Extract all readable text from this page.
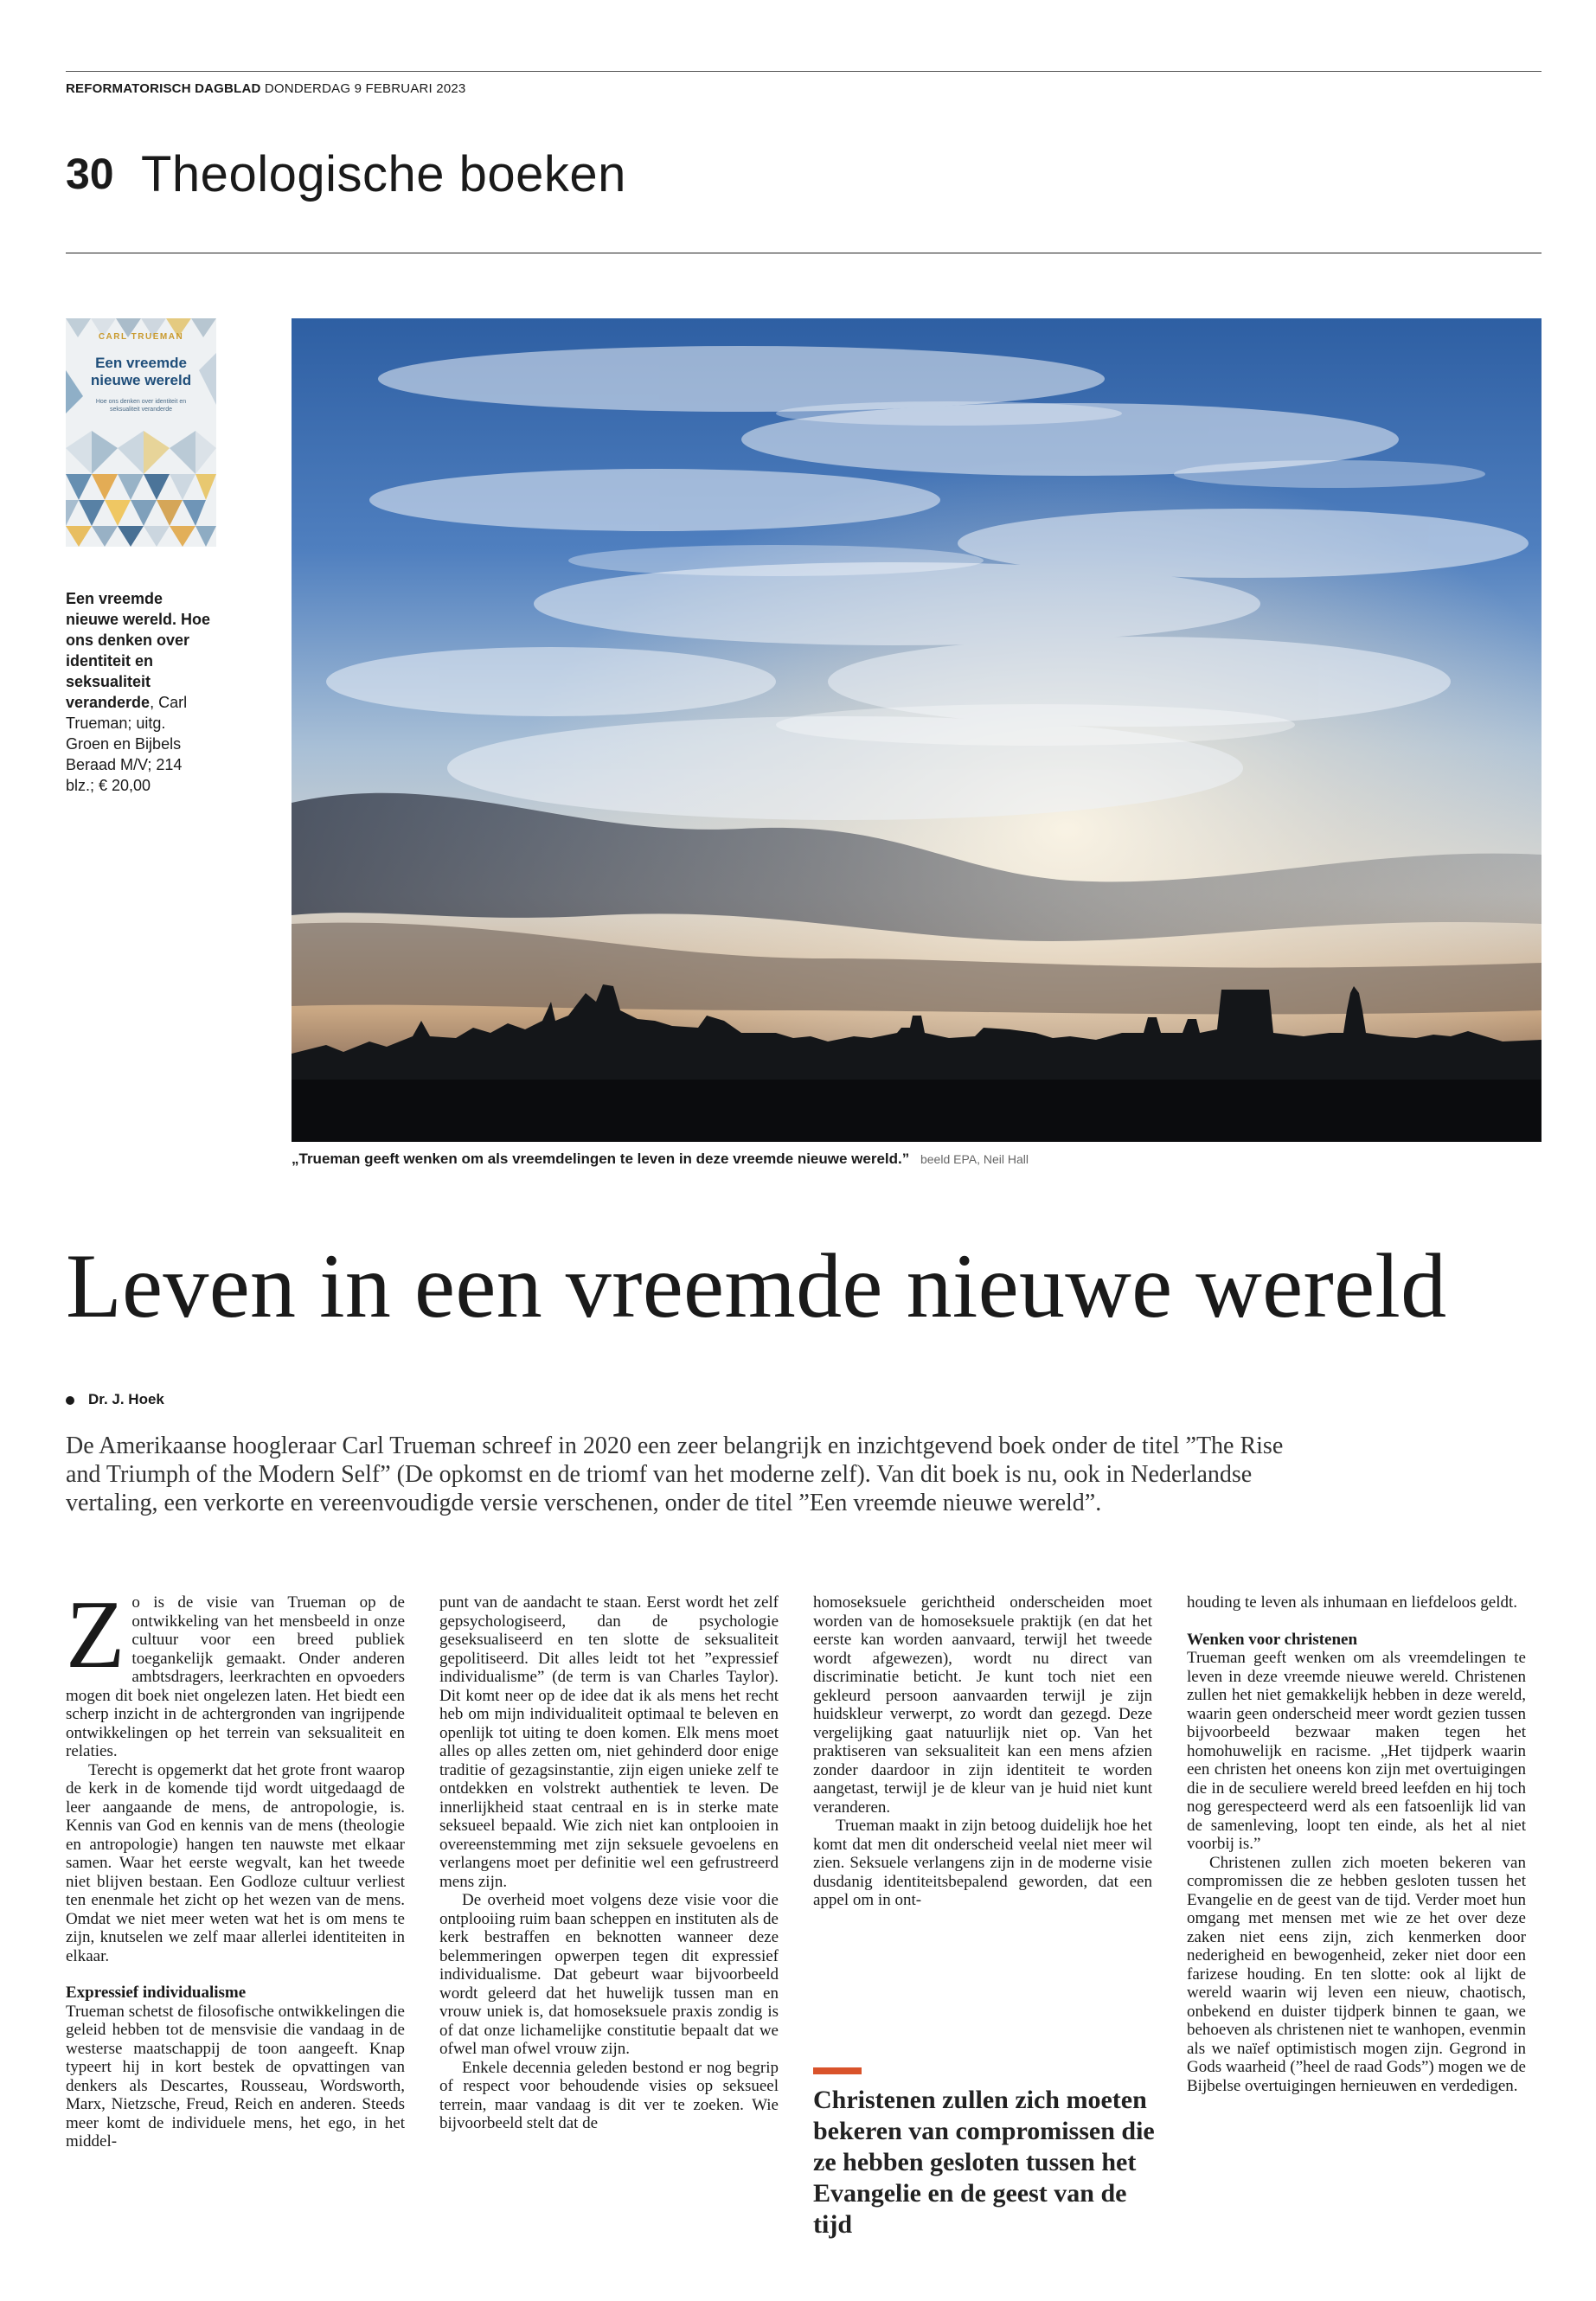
REFORMATORISCH DAGBLAD DONDERDAG 9 FEBRUARI 2023
30 Theologische boeken
CARL TRUEMAN
Een vreemde
nieuwe wereld
Hoe ons denken over identiteit en seksualiteit veranderde
Een vreemde nieuwe wereld. Hoe ons denken over identiteit en seksualiteit veranderde, Carl Trueman; uitg. Groen en Bijbels Beraad M/V; 214 blz.; € 20,00
„Trueman geeft wenken om als vreemdelingen te leven in deze vreemde nieuwe wereld.” beeld EPA, Neil Hall
Leven in een vreemde nieuwe wereld
Dr. J. Hoek
De Amerikaanse hoogleraar Carl Trueman schreef in 2020 een zeer belangrijk en inzichtgevend boek onder de titel ”The Rise and Triumph of the Modern Self” (De opkomst en de triomf van het moderne zelf). Van dit boek is nu, ook in Nederlandse vertaling, een verkorte en vereenvoudigde versie verschenen, onder de titel ”Een vreemde nieuwe wereld”.

Zo is de visie van Trueman op de ontwikkeling van het mensbeeld in onze cultuur voor een breed publiek toegankelijk gemaakt. Onder anderen ambtsdragers, leerkrachten en opvoeders mogen dit boek niet ongelezen laten. Het biedt een scherp inzicht in de achtergronden van ingrijpende ontwikkelingen op het terrein van seksualiteit en relaties.

Terecht is opgemerkt dat het grote front waarop de kerk in de komende tijd wordt uitgedaagd de leer aangaande de mens, de antropologie, is. Kennis van God en kennis van de mens (theologie en antropologie) hangen ten nauwste met elkaar samen. Waar het eerste wegvalt, kan het tweede niet blijven bestaan. Een Godloze cultuur verliest ten enenmale het zicht op het wezen van de mens. Omdat we niet meer weten wat het is om mens te zijn, knutselen we zelf maar allerlei identiteiten in elkaar.

Expressief individualisme

Trueman schetst de filosofische ontwikkelingen die geleid hebben tot de mensvisie die vandaag in de westerse maatschappij de toon aangeeft. Knap typeert hij in kort bestek de opvattingen van denkers als Descartes, Rousseau, Wordsworth, Marx, Nietzsche, Freud, Reich en anderen. Steeds meer komt de individuele mens, het ego, in het middel-

punt van de aandacht te staan. Eerst wordt het zelf gepsychologiseerd, dan de psychologie geseksualiseerd en ten slotte de seksualiteit gepolitiseerd. Dit alles leidt tot het ”expressief individualisme” (de term is van Charles Taylor). Dit komt neer op de idee dat ik als mens het recht heb om mijn individualiteit optimaal te beleven en openlijk tot uiting te doen komen. Elk mens moet alles op alles zetten om, niet gehinderd door enige traditie of gezagsinstantie, zijn eigen unieke zelf te ontdekken en volstrekt authentiek te leven. De innerlijkheid staat centraal en is in sterke mate seksueel bepaald. Wie zich niet kan ontplooien in overeenstemming met zijn seksuele gevoelens en verlangens moet per definitie wel een gefrustreerd mens zijn.

De overheid moet volgens deze visie voor die ontplooiing ruim baan scheppen en instituten als de kerk bestraffen en beknotten wanneer deze belemmeringen opwerpen tegen dit expressief individualisme. Dat gebeurt waar bijvoorbeeld wordt geleerd dat het huwelijk tussen man en vrouw uniek is, dat homoseksuele praxis zondig is of dat onze lichamelijke constitutie bepaalt dat we ofwel man ofwel vrouw zijn.

Enkele decennia geleden bestond er nog begrip of respect voor behoudende visies op seksueel terrein, maar vandaag is dit ver te zoeken. Wie bijvoorbeeld stelt dat de

homoseksuele gerichtheid onderscheiden moet worden van de homoseksuele praktijk (en dat het eerste kan worden aanvaard, terwijl het tweede wordt afgewezen), wordt nu direct van discriminatie beticht. Je kunt toch niet een gekleurd persoon aanvaarden terwijl je zijn huidskleur verwerpt, zo wordt dan gezegd. Deze vergelijking gaat natuurlijk niet op. Van het praktiseren van seksualiteit kan een mens afzien zonder daardoor in zijn identiteit te worden aangetast, terwijl je de kleur van je huid niet kunt veranderen.

Trueman maakt in zijn betoog duidelijk hoe het komt dat men dit onderscheid veelal niet meer wil zien. Seksuele verlangens zijn in de moderne visie dusdanig identiteitsbepalend geworden, dat een appel om in ont-

Christenen zullen zich moeten bekeren van compromissen die ze hebben gesloten tussen het Evangelie en de geest van de tijd

houding te leven als inhumaan en liefdeloos geldt.

Wenken voor christenen

Trueman geeft wenken om als vreemdelingen te leven in deze vreemde nieuwe wereld. Christenen zullen het niet gemakkelijk hebben in deze wereld, waarin geen onderscheid meer wordt gezien tussen bijvoorbeeld bezwaar maken tegen het homohuwelijk en racisme. „Het tijdperk waarin een christen het oneens kon zijn met overtuigingen die in de seculiere wereld breed leefden en hij toch nog gerespecteerd werd als een fatsoenlijk lid van de samenleving, loopt ten einde, als het al niet voorbij is.”

Christenen zullen zich moeten bekeren van compromissen die ze hebben gesloten tussen het Evangelie en de geest van de tijd. Verder moet hun omgang met mensen met wie ze het over deze zaken niet eens zijn, zich kenmerken door nederigheid en bewogenheid, zeker niet door een farizese houding. En ten slotte: ook al lijkt de wereld waarin wij leven een nieuw, chaotisch, onbekend en duister tijdperk binnen te gaan, we behoeven als christenen niet te wanhopen, evenmin als we naïef optimistisch mogen zijn. Gegrond in Gods waarheid (”heel de raad Gods”) mogen we de Bijbelse overtuigingen hernieuwen en verdedigen.
